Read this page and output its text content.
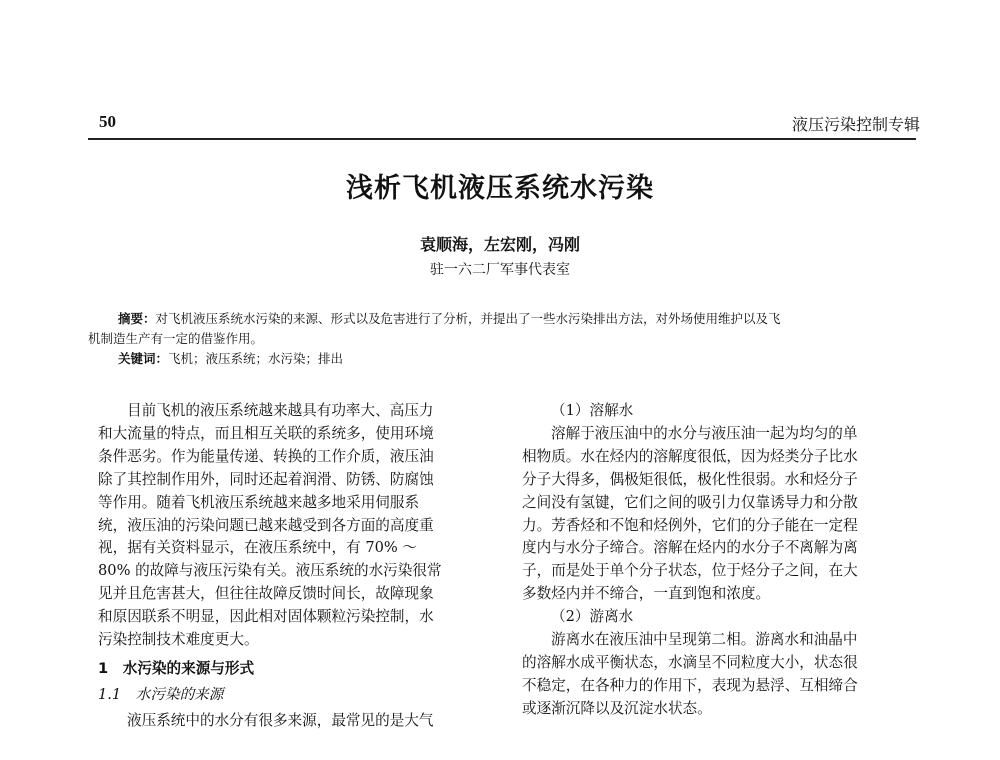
50	液压污染控制专辑
浅析飞机液压系统水污染
袁顺海，左宏刚，冯刚
驻一六二厂军事代表室
摘要：对飞机液压系统水污染的来源、形式以及危害进行了分析，并提出了一些水污染排出方法，对外场使用维护以及飞
机制造生产有一定的借鉴作用。
关键词：飞机；液压系统；水污染；排出
目前飞机的液压系统越来越具有功率大、高压力
和大流量的特点，而且相互关联的系统多，使用环境
条件恶劣。作为能量传递、转换的工作介质，液压油
除了其控制作用外，同时还起着润滑、防锈、防腐蚀
等作用。随着飞机液压系统越来越多地采用伺服系
统，液压油的污染问题已越来越受到各方面的高度重
视，据有关资料显示，在液压系统中，有 70% ～
80% 的故障与液压污染有关。液压系统的水污染很常
见并且危害甚大，但往往故障反馈时间长，故障现象
和原因联系不明显，因此相对固体颗粒污染控制，水
污染控制技术难度更大。
1　水污染的来源与形式
1.1　水污染的来源
液压系统中的水分有很多来源，最常见的是大气
（1）溶解水
溶解于液压油中的水分与液压油一起为均匀的单
相物质。水在烃内的溶解度很低，因为烃类分子比水
分子大得多，偶极矩很低，极化性很弱。水和烃分子
之间没有氢键，它们之间的吸引力仅靠诱导力和分散
力。芳香烃和不饱和烃例外，它们的分子能在一定程
度内与水分子缔合。溶解在烃内的水分子不离解为离
子，而是处于单个分子状态，位于烃分子之间，在大
多数烃内并不缔合，一直到饱和浓度。
（2）游离水
游离水在液压油中呈现第二相。游离水和油晶中
的溶解水成平衡状态，水滴呈不同粒度大小，状态很
不稳定，在各种力的作用下，表现为悬浮、互相缔合
或逐渐沉降以及沉淀水状态。
